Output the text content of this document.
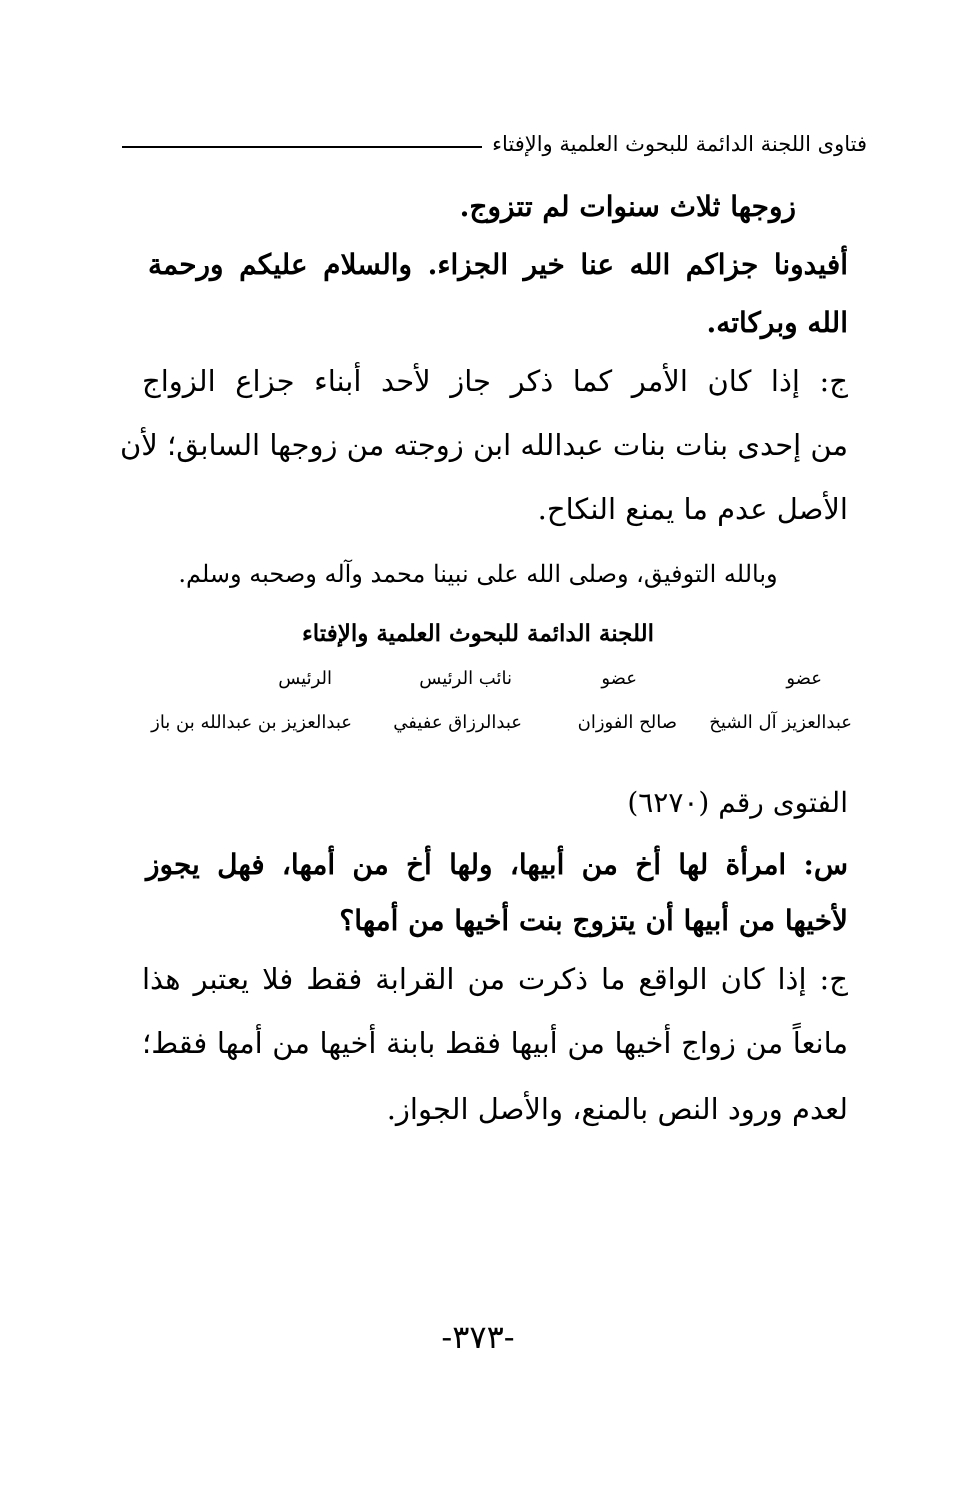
فتاوى اللجنة الدائمة للبحوث العلمية والإفتاء
زوجها ثلاث سنوات لم تتزوج.
أفيدونا جزاكم الله عنا خير الجزاء. والسلام عليكم ورحمة
الله وبركاته.
ج: إذا كان الأمر كما ذكر جاز لأحد أبناء جزاع الزواج
من إحدى بنات بنات عبدالله ابن زوجته من زوجها السابق؛ لأن
الأصل عدم ما يمنع النكاح.
وبالله التوفيق، وصلى الله على نبينا محمد وآله وصحبه وسلم.
اللجنة الدائمة للبحوث العلمية والإفتاء
عضو
عضو
نائب الرئيس
الرئيس
عبدالعزيز آل الشيخ
صالح الفوزان
عبدالرزاق عفيفي
عبدالعزيز بن عبدالله بن باز
الفتوى رقم (٦٢٧٠)
س: امرأة لها أخ من أبيها، ولها أخ من أمها، فهل يجوز
لأخيها من أبيها أن يتزوج بنت أخيها من أمها؟
ج: إذا كان الواقع ما ذكرت من القرابة فقط فلا يعتبر هذا
مانعاً من زواج أخيها من أبيها فقط بابنة أخيها من أمها فقط؛
لعدم ورود النص بالمنع، والأصل الجواز.
-٣٧٣-
